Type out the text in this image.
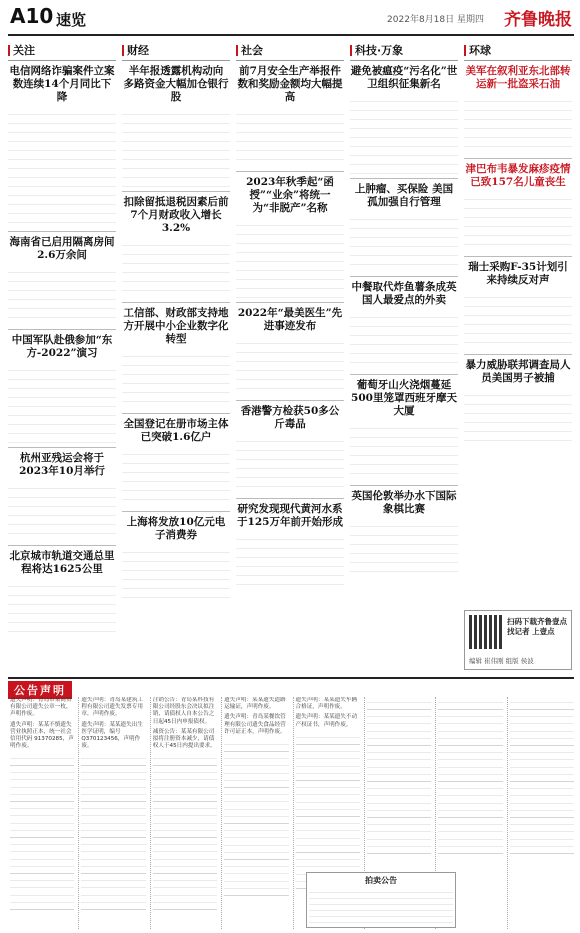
A10 速览	2022年8月18日 星期四 齐鲁晚报
关注
电信网络诈骗案件立案数连续14个月同比下降
海南省已启用隔离房间2.6万余间
中国军队赴俄参加“东方-2022”演习
杭州亚残运会将于2023年10月举行
北京城市轨道交通总里程将达1625公里
财经
半年报透露机构动向 多路资金大幅加仓银行股
扣除留抵退税因素后前7个月财政收入增长3.2%
工信部、财政部支持地方开展中小企业数字化转型
全国登记在册市场主体已突破1.6亿户
上海将发放10亿元电子消费券
社会
前7月安全生产举报件数和奖励金额均大幅提高
2023年秋季起“函授”“业余”将统一为“非脱产”名称
2022年“最美医生”先进事迹发布
香港警方检获50多公斤毒品
研究发现现代黄河水系于125万年前开始形成
科技·万象
避免被瘟疫“污名化”世卫组织征集新名
上肿瘤、买保险 美国孤加强自行管理
中餐取代炸鱼薯条成英国人最爱点的外卖
葡萄牙山火浇烟蔓延500里笼罩西班牙摩天大厦
英国伦敦举办水下国际象棋比赛
环球
美军在叙利亚东北部转运新一批盗采石油
津巴布韦暴发麻疹疫情已致157名儿童丧生
瑞士采购F-35计划引来持续反对声
暴力威胁联邦调查局人员美国男子被捕
扫码下载齐鲁壹点
找记者 上壹点
编辑 崔伟刚 组版 侯波
公告声明
遗失声明：青岛市某商贸有限公司遗失公章一枚，声明作废。
遗失声明：某某不慎遗失营业执照正本，统一社会信用代码 91370285，声明作废。
遗失声明：青岛某建筑工程有限公司遗失发票专用章，声明作废。
遗失声明：某某遗失出生医学证明，编号 Q370123456，声明作废。
注销公告：青岛某科技有限公司经股东会决议拟注销，请债权人自本公告之日起45日内申报债权。
减资公告：某某有限公司拟将注册资本减少，请债权人于45日内提出要求。
遗失声明：某某遗失道路运输证，声明作废。
遗失声明：青岛某餐饮管理有限公司遗失食品经营许可证正本，声明作废。
遗失声明：某某遗失车辆合格证，声明作废。
遗失声明：某某遗失不动产权证书，声明作废。
拍卖公告
